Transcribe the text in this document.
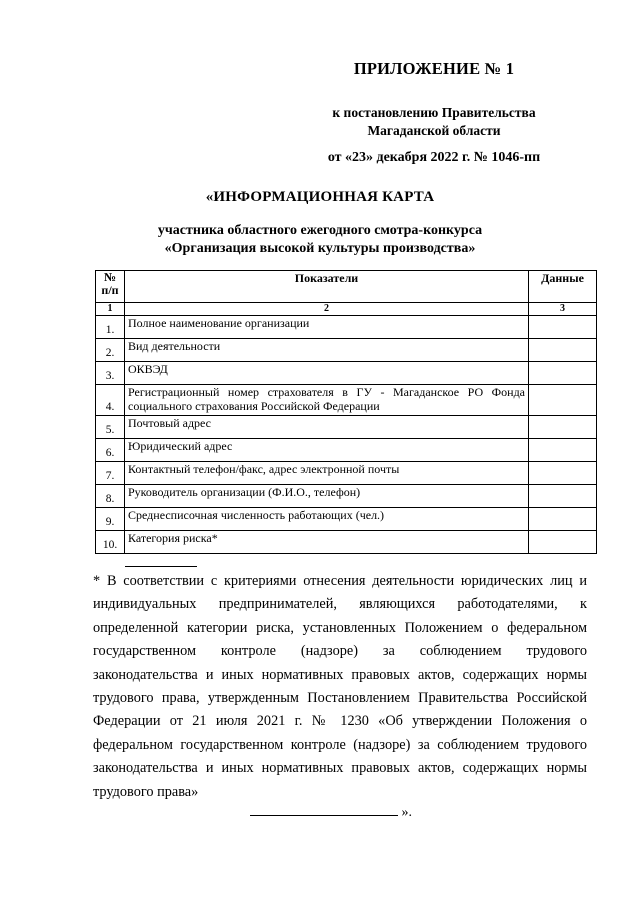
ПРИЛОЖЕНИЕ № 1
к постановлению Правительства
Магаданской области
от «23» декабря 2022 г. № 1046-пп
«ИНФОРМАЦИОННАЯ КАРТА
участника областного ежегодного смотра-конкурса
«Организация высокой культуры производства»
№ п/п	Показатели	Данные
1	2	3
1.	Полное наименование организации	
2.	Вид деятельности	
3.	ОКВЭД	
4.	Регистрационный номер страхователя в ГУ - Магаданское РО Фонда социального страхования Российской Федерации	
5.	Почтовый адрес	
6.	Юридический адрес	
7.	Контактный телефон/факс, адрес электронной почты	
8.	Руководитель организации (Ф.И.О., телефон)	
9.	Среднесписочная численность работающих (чел.)	
10.	Категория риска*	
* В соответствии с критериями отнесения деятельности юридических лиц и индивидуальных предпринимателей, являющихся работодателями, к определенной категории риска, установленных Положением о федеральном государственном контроле (надзоре) за соблюдением трудового законодательства и иных нормативных правовых актов, содержащих нормы трудового права, утвержденным Постановлением Правительства Российской Федерации от 21 июля 2021 г. № 1230 «Об утверждении Положения о федеральном государственном контроле (надзоре) за соблюдением трудового законодательства и иных нормативных правовых актов, содержащих нормы трудового права»
».
